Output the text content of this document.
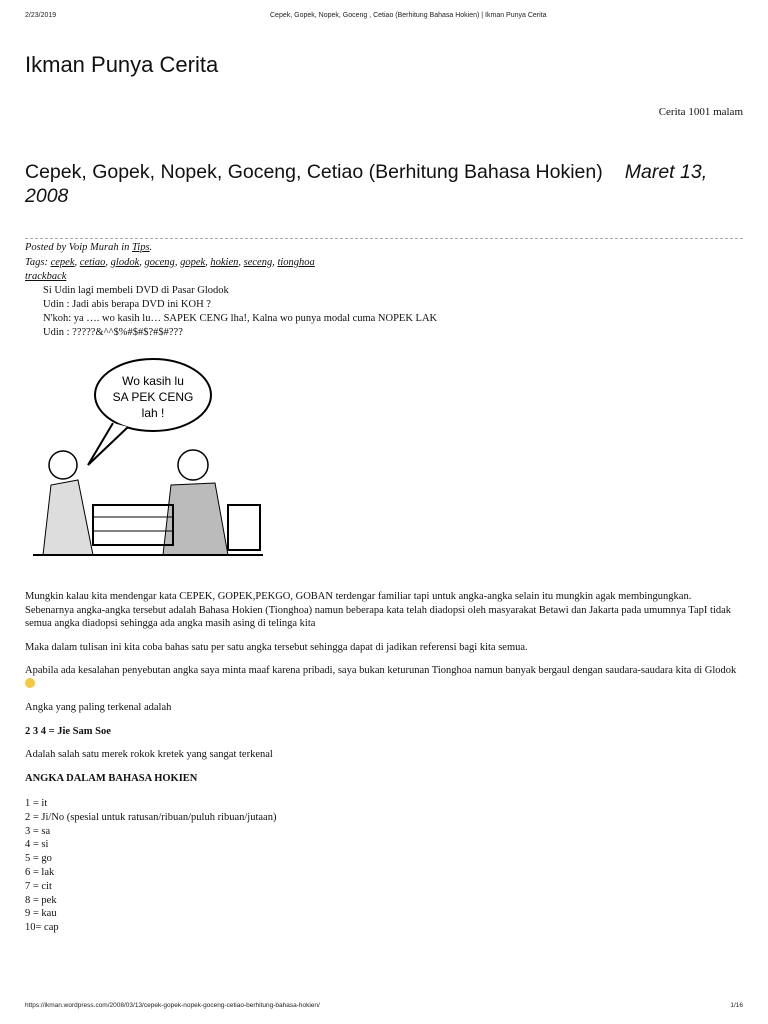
2/23/2019	Cepek, Gopek, Nopek, Goceng , Cetiao (Berhitung Bahasa Hokien) | Ikman Punya Cerita
Ikman Punya Cerita
Cerita 1001 malam
Cepek, Gopek, Nopek, Goceng, Cetiao (Berhitung Bahasa Hokien) Maret 13, 2008
Posted by Voip Murah in Tips.
Tags: cepek, cetiao, glodok, goceng, gopek, hokien, seceng, tionghoa
trackback
Si Udin lagi membeli DVD di Pasar Glodok
Udin : Jadi abis berapa DVD ini KOH ?
N'koh: ya …. wo kasih lu… SAPEK CENG lha!, Kalna wo punya modal cuma NOPEK LAK
Udin : ?????&^^$%#$#$?#$#???
Wo kasih lu
SA PEK CENG
lah !

Mungkin kalau kita mendengar kata CEPEK, GOPEK,PEKGO, GOBAN terdengar familiar tapi untuk angka-angka selain itu mungkin agak membingungkan.
Sebenarnya angka-angka tersebut adalah Bahasa Hokien (Tionghoa) namun beberapa kata telah diadopsi oleh masyarakat Betawi dan Jakarta pada umumnya TapI tidak semua angka diadopsi sehingga ada angka masih asing di telinga kita

Maka dalam tulisan ini kita coba bahas satu per satu angka tersebut sehingga dapat di jadikan referensi bagi kita semua.

Apabila ada kesalahan penyebutan angka saya minta maaf karena pribadi, saya bukan keturunan Tionghoa namun banyak bergaul dengan saudara-saudara kita di Glodok

Angka yang paling terkenal adalah

2 3 4 = Jie Sam Soe

Adalah salah satu merek rokok kretek yang sangat terkenal

ANGKA DALAM BAHASA HOKIEN

1 = it
2 = Ji/No (spesial untuk ratusan/ribuan/puluh ribuan/jutaan)
3 = sa
4 = si
5 = go
6 = lak
7 = cit
8 = pek
9 = kau
10= cap
https://ikman.wordpress.com/2008/03/13/cepek-gopek-nopek-goceng-cetiao-berhitung-bahasa-hokien/	1/16
